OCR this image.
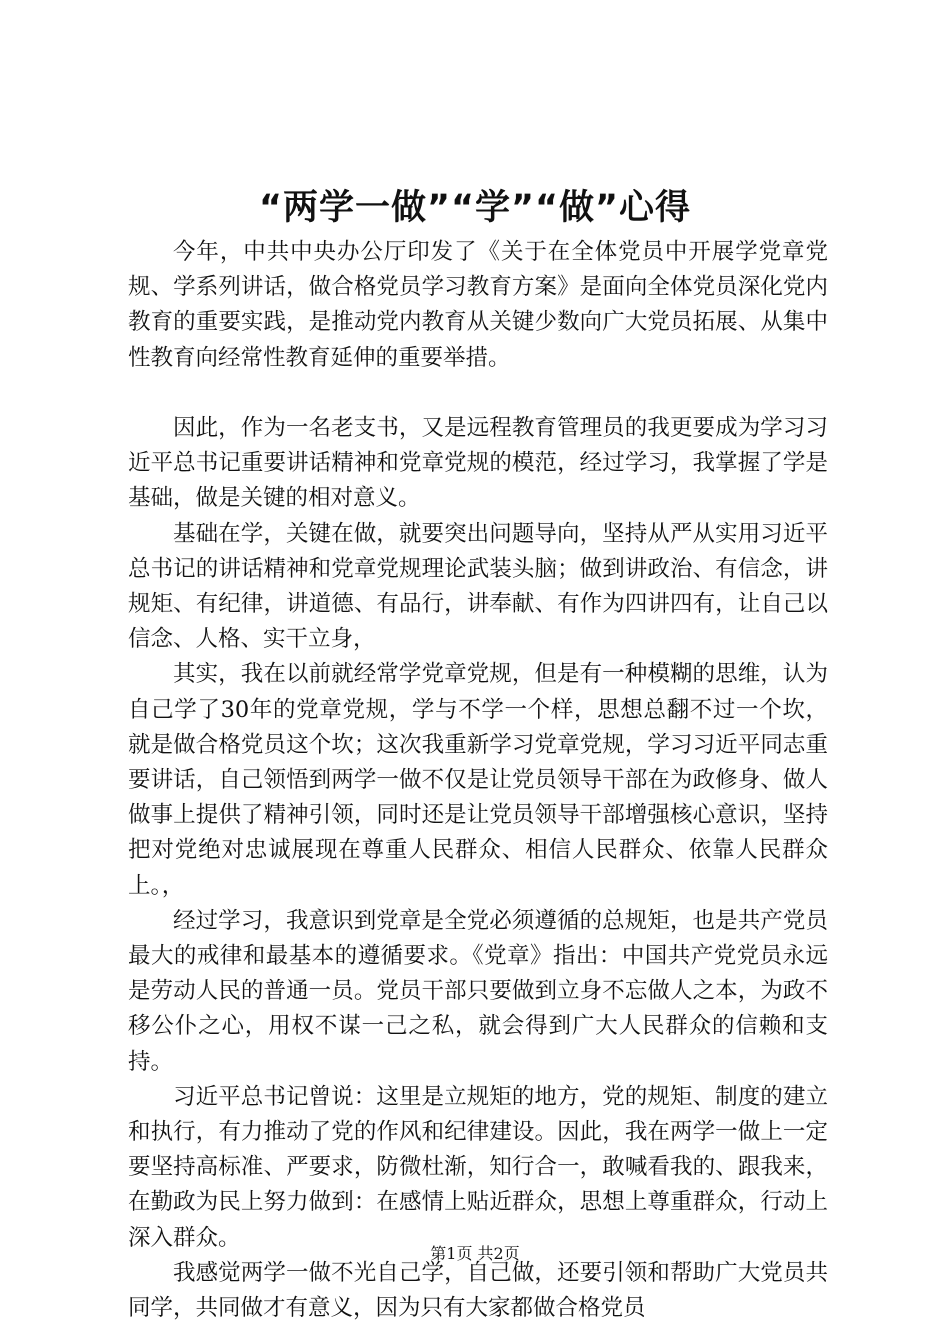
“两学一做”“学”“做”心得

今年，中共中央办公厅印发了《关于在全体党员中开展学党章党规、学系列讲话，做合格党员学习教育方案》是面向全体党员深化党内教育的重要实践，是推动党内教育从关键少数向广大党员拓展、从集中性教育向经常性教育延伸的重要举措。

因此，作为一名老支书，又是远程教育管理员的我更要成为学习习近平总书记重要讲话精神和党章党规的模范，经过学习，我掌握了学是基础，做是关键的相对意义。

基础在学，关键在做，就要突出问题导向，坚持从严从实用习近平总书记的讲话精神和党章党规理论武装头脑；做到讲政治、有信念，讲规矩、有纪律，讲道德、有品行，讲奉献、有作为四讲四有，让自己以信念、人格、实干立身，

其实，我在以前就经常学党章党规，但是有一种模糊的思维，认为自己学了30年的党章党规，学与不学一个样，思想总翻不过一个坎，就是做合格党员这个坎；这次我重新学习党章党规，学习习近平同志重要讲话，自己领悟到两学一做不仅是让党员领导干部在为政修身、做人做事上提供了精神引领，同时还是让党员领导干部增强核心意识，坚持把对党绝对忠诚展现在尊重人民群众、相信人民群众、依靠人民群众上。，

经过学习，我意识到党章是全党必须遵循的总规矩，也是共产党员最大的戒律和最基本的遵循要求。《党章》指出：中国共产党党员永远是劳动人民的普通一员。党员干部只要做到立身不忘做人之本，为政不移公仆之心，用权不谋一己之私，就会得到广大人民群众的信赖和支持。

习近平总书记曾说：这里是立规矩的地方，党的规矩、制度的建立和执行，有力推动了党的作风和纪律建设。因此，我在两学一做上一定要坚持高标准、严要求，防微杜渐，知行合一，敢喊看我的、跟我来，在勤政为民上努力做到：在感情上贴近群众，思想上尊重群众，行动上深入群众。

我感觉两学一做不光自己学，自己做，还要引领和帮助广大党员共同学，共同做才有意义，因为只有大家都做合格党员

第1页 共2页
